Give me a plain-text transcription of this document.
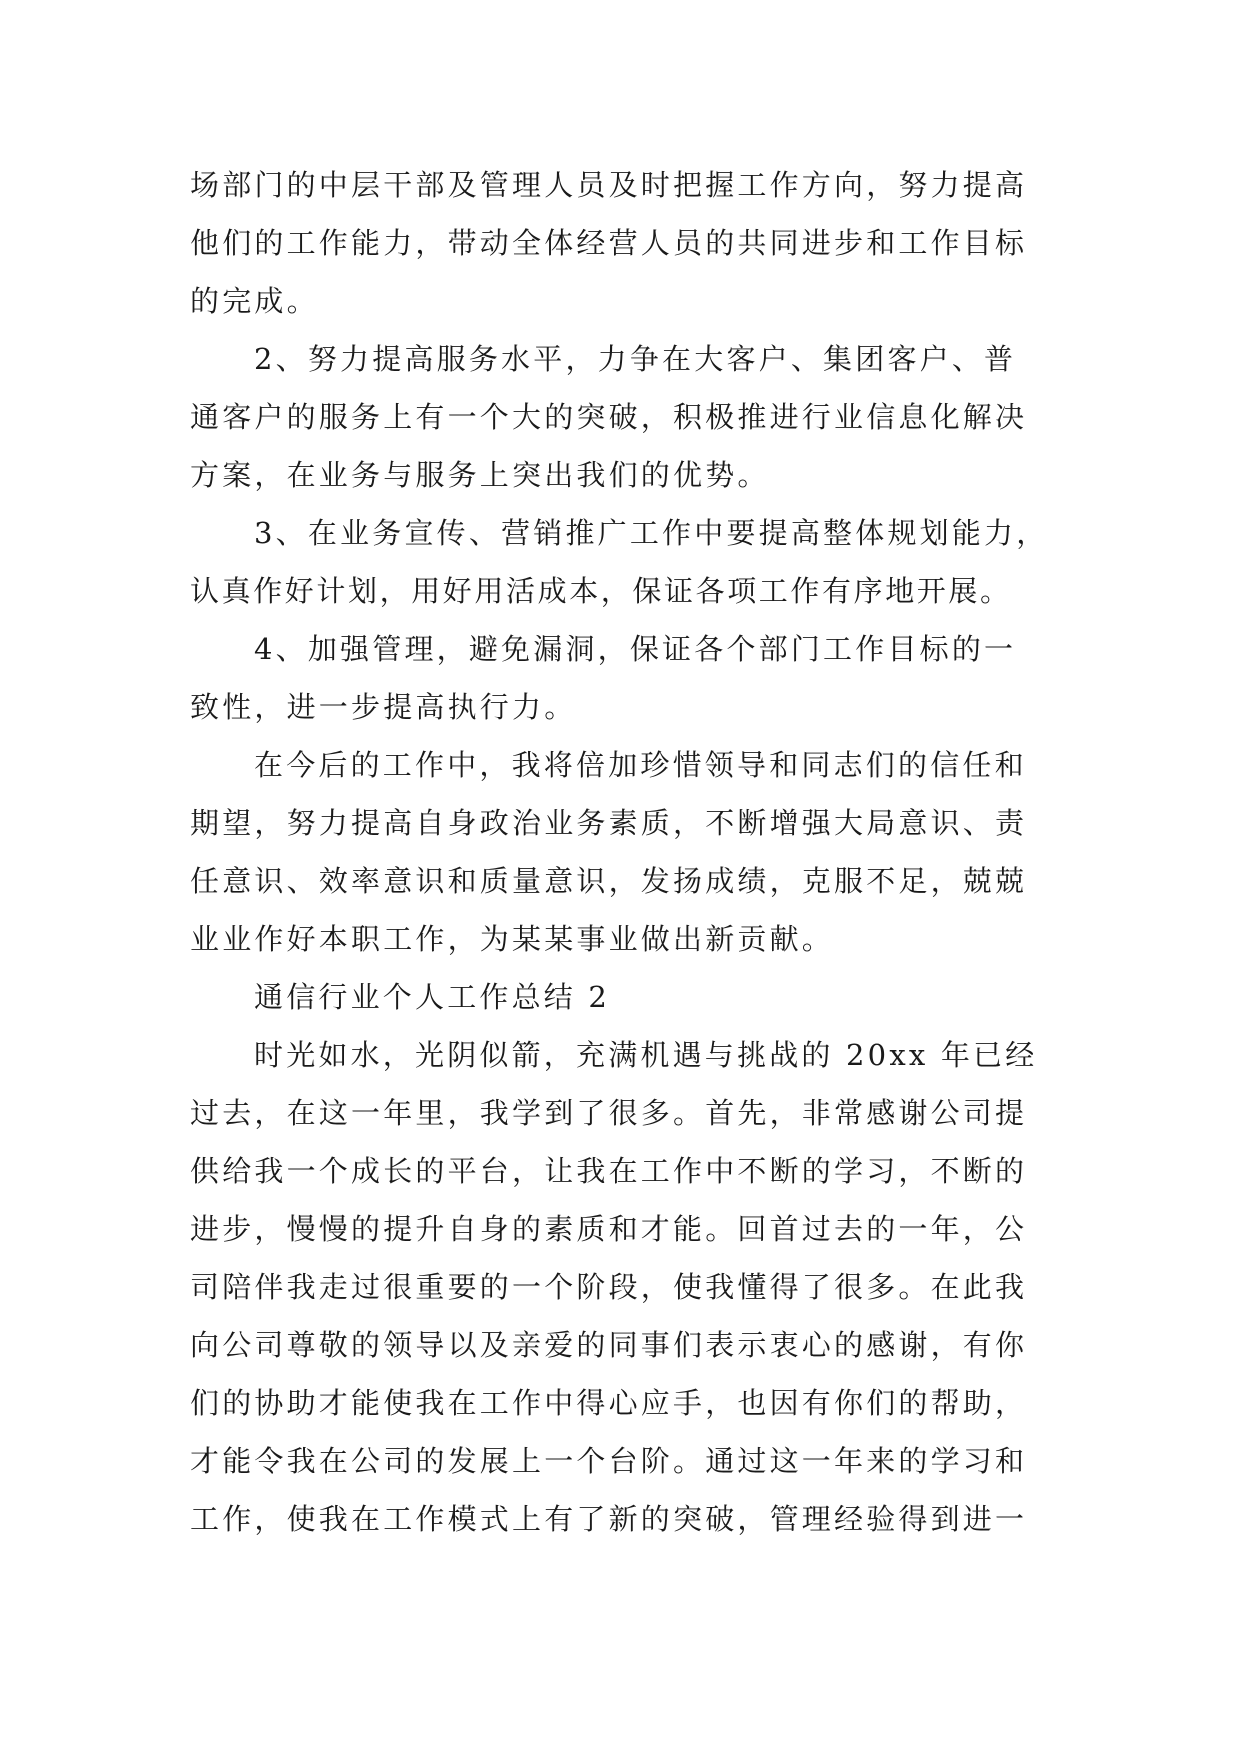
场部门的中层干部及管理人员及时把握工作方向，努力提高
他们的工作能力，带动全体经营人员的共同进步和工作目标
的完成。
2、努力提高服务水平，力争在大客户、集团客户、普
通客户的服务上有一个大的突破，积极推进行业信息化解决
方案，在业务与服务上突出我们的优势。
3、在业务宣传、营销推广工作中要提高整体规划能力，
认真作好计划，用好用活成本，保证各项工作有序地开展。
4、加强管理，避免漏洞，保证各个部门工作目标的一
致性，进一步提高执行力。
在今后的工作中，我将倍加珍惜领导和同志们的信任和
期望，努力提高自身政治业务素质，不断增强大局意识、责
任意识、效率意识和质量意识，发扬成绩，克服不足，兢兢
业业作好本职工作，为某某事业做出新贡献。
通信行业个人工作总结 2
时光如水，光阴似箭，充满机遇与挑战的 20xx 年已经
过去，在这一年里，我学到了很多。首先，非常感谢公司提
供给我一个成长的平台，让我在工作中不断的学习，不断的
进步，慢慢的提升自身的素质和才能。回首过去的一年，公
司陪伴我走过很重要的一个阶段，使我懂得了很多。在此我
向公司尊敬的领导以及亲爱的同事们表示衷心的感谢，有你
们的协助才能使我在工作中得心应手，也因有你们的帮助，
才能令我在公司的发展上一个台阶。通过这一年来的学习和
工作，使我在工作模式上有了新的突破，管理经验得到进一
